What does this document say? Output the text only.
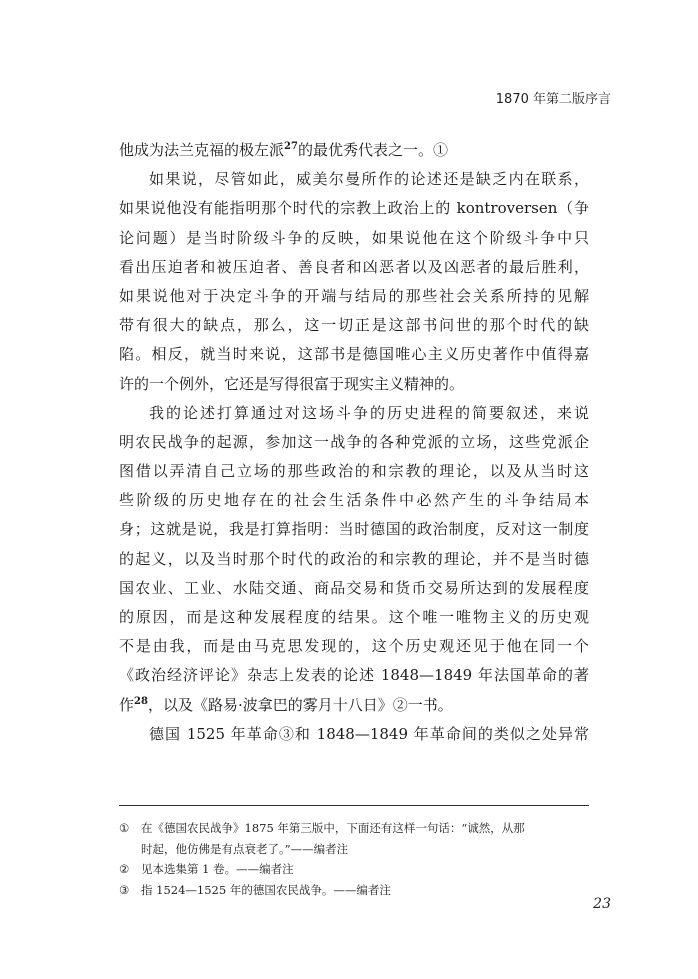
1870 年第二版序言
他成为法兰克福的极左派$^{27}$的最优秀代表之一。①
如果说，尽管如此，威美尔曼所作的论述还是缺乏内在联系，
如果说他没有能指明那个时代的宗教上政治上的 kontroversen（争
论问题）是当时阶级斗争的反映，如果说他在这个阶级斗争中只
看出压迫者和被压迫者、善良者和凶恶者以及凶恶者的最后胜利，
如果说他对于决定斗争的开端与结局的那些社会关系所持的见解
带有很大的缺点，那么，这一切正是这部书问世的那个时代的缺
陷。相反，就当时来说，这部书是德国唯心主义历史著作中值得嘉
许的一个例外，它还是写得很富于现实主义精神的。
我的论述打算通过对这场斗争的历史进程的简要叙述，来说
明农民战争的起源，参加这一战争的各种党派的立场，这些党派企
图借以弄清自己立场的那些政治的和宗教的理论，以及从当时这
些阶级的历史地存在的社会生活条件中必然产生的斗争结局本
身；这就是说，我是打算指明：当时德国的政治制度，反对这一制度
的起义，以及当时那个时代的政治的和宗教的理论，并不是当时德
国农业、工业、水陆交通、商品交易和货币交易所达到的发展程度
的原因，而是这种发展程度的结果。这个唯一唯物主义的历史观
不是由我，而是由马克思发现的，这个历史观还见于他在同一个
《政治经济评论》杂志上发表的论述 1848—1849 年法国革命的著
作$^{28}$，以及《路易·波拿巴的雾月十八日》②一书。
德国 1525 年革命③和 1848—1849 年革命间的类似之处异常
①	在《德国农民战争》1875 年第三版中，下面还有这样一句话：“诚然，从那
时起，他仿佛是有点衰老了。”——编者注
②	见本选集第 1 卷。——编者注
③	指 1524—1525 年的德国农民战争。——编者注
23
